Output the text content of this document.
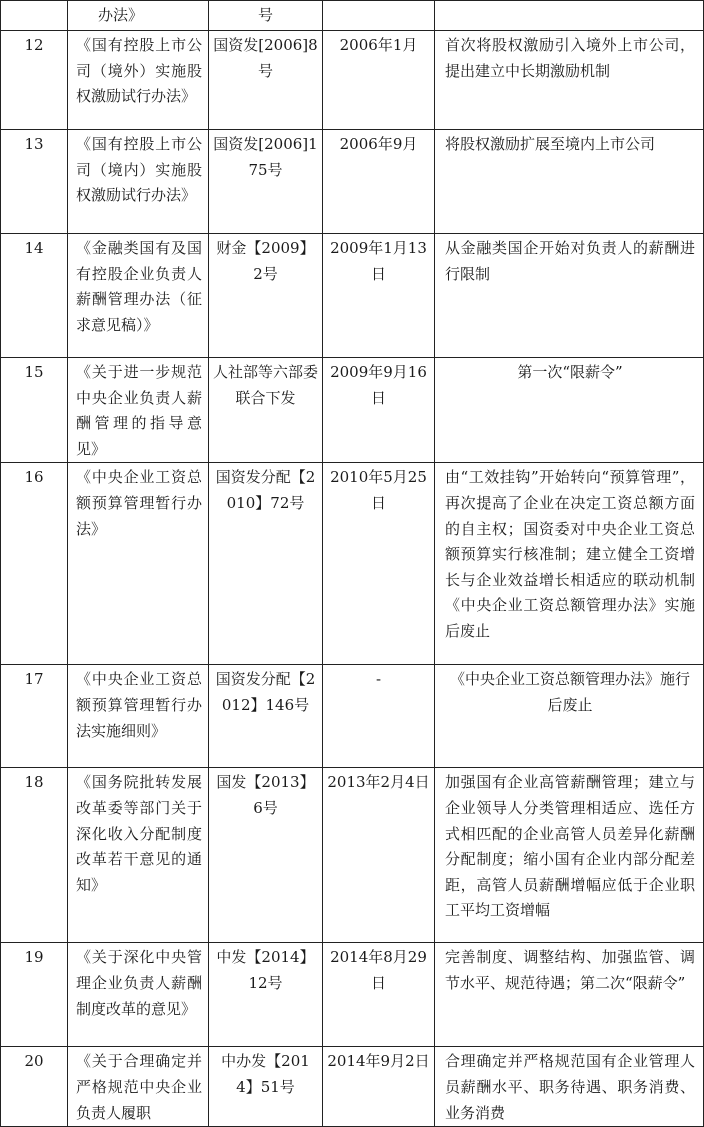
	办法》	号		
12	《国有控股上市公司（境外）实施股权激励试行办法》	国资发[2006]8号	2006年1月	首次将股权激励引入境外上市公司，提出建立中长期激励机制
13	《国有控股上市公司（境内）实施股权激励试行办法》	国资发[2006]175号	2006年9月	将股权激励扩展至境内上市公司
14	《金融类国有及国有控股企业负责人薪酬管理办法（征求意见稿）》	财金【2009】2号	2009年1月13日	从金融类国企开始对负责人的薪酬进行限制
15	《关于进一步规范中央企业负责人薪酬管理的指导意见》	人社部等六部委联合下发	2009年9月16日	第一次“限薪令”
16	《中央企业工资总额预算管理暂行办法》	国资发分配【2010】72号	2010年5月25日	由“工效挂钩”开始转向“预算管理”，再次提高了企业在决定工资总额方面的自主权；国资委对中央企业工资总额预算实行核准制；建立健全工资增长与企业效益增长相适应的联动机制《中央企业工资总额管理办法》实施后废止
17	《中央企业工资总额预算管理暂行办法实施细则》	国资发分配【2012】146号	-	《中央企业工资总额管理办法》施行后废止
18	《国务院批转发展改革委等部门关于深化收入分配制度改革若干意见的通知》	国发【2013】6号	2013年2月4日	加强国有企业高管薪酬管理；建立与企业领导人分类管理相适应、选任方式相匹配的企业高管人员差异化薪酬分配制度；缩小国有企业内部分配差距，高管人员薪酬增幅应低于企业职工平均工资增幅
19	《关于深化中央管理企业负责人薪酬制度改革的意见》	中发【2014】12号	2014年8月29日	完善制度、调整结构、加强监管、调节水平、规范待遇；第二次“限薪令”
20	《关于合理确定并严格规范中央企业负责人履职	中办发【2014】51号	2014年9月2日	合理确定并严格规范国有企业管理人员薪酬水平、职务待遇、职务消费、业务消费
